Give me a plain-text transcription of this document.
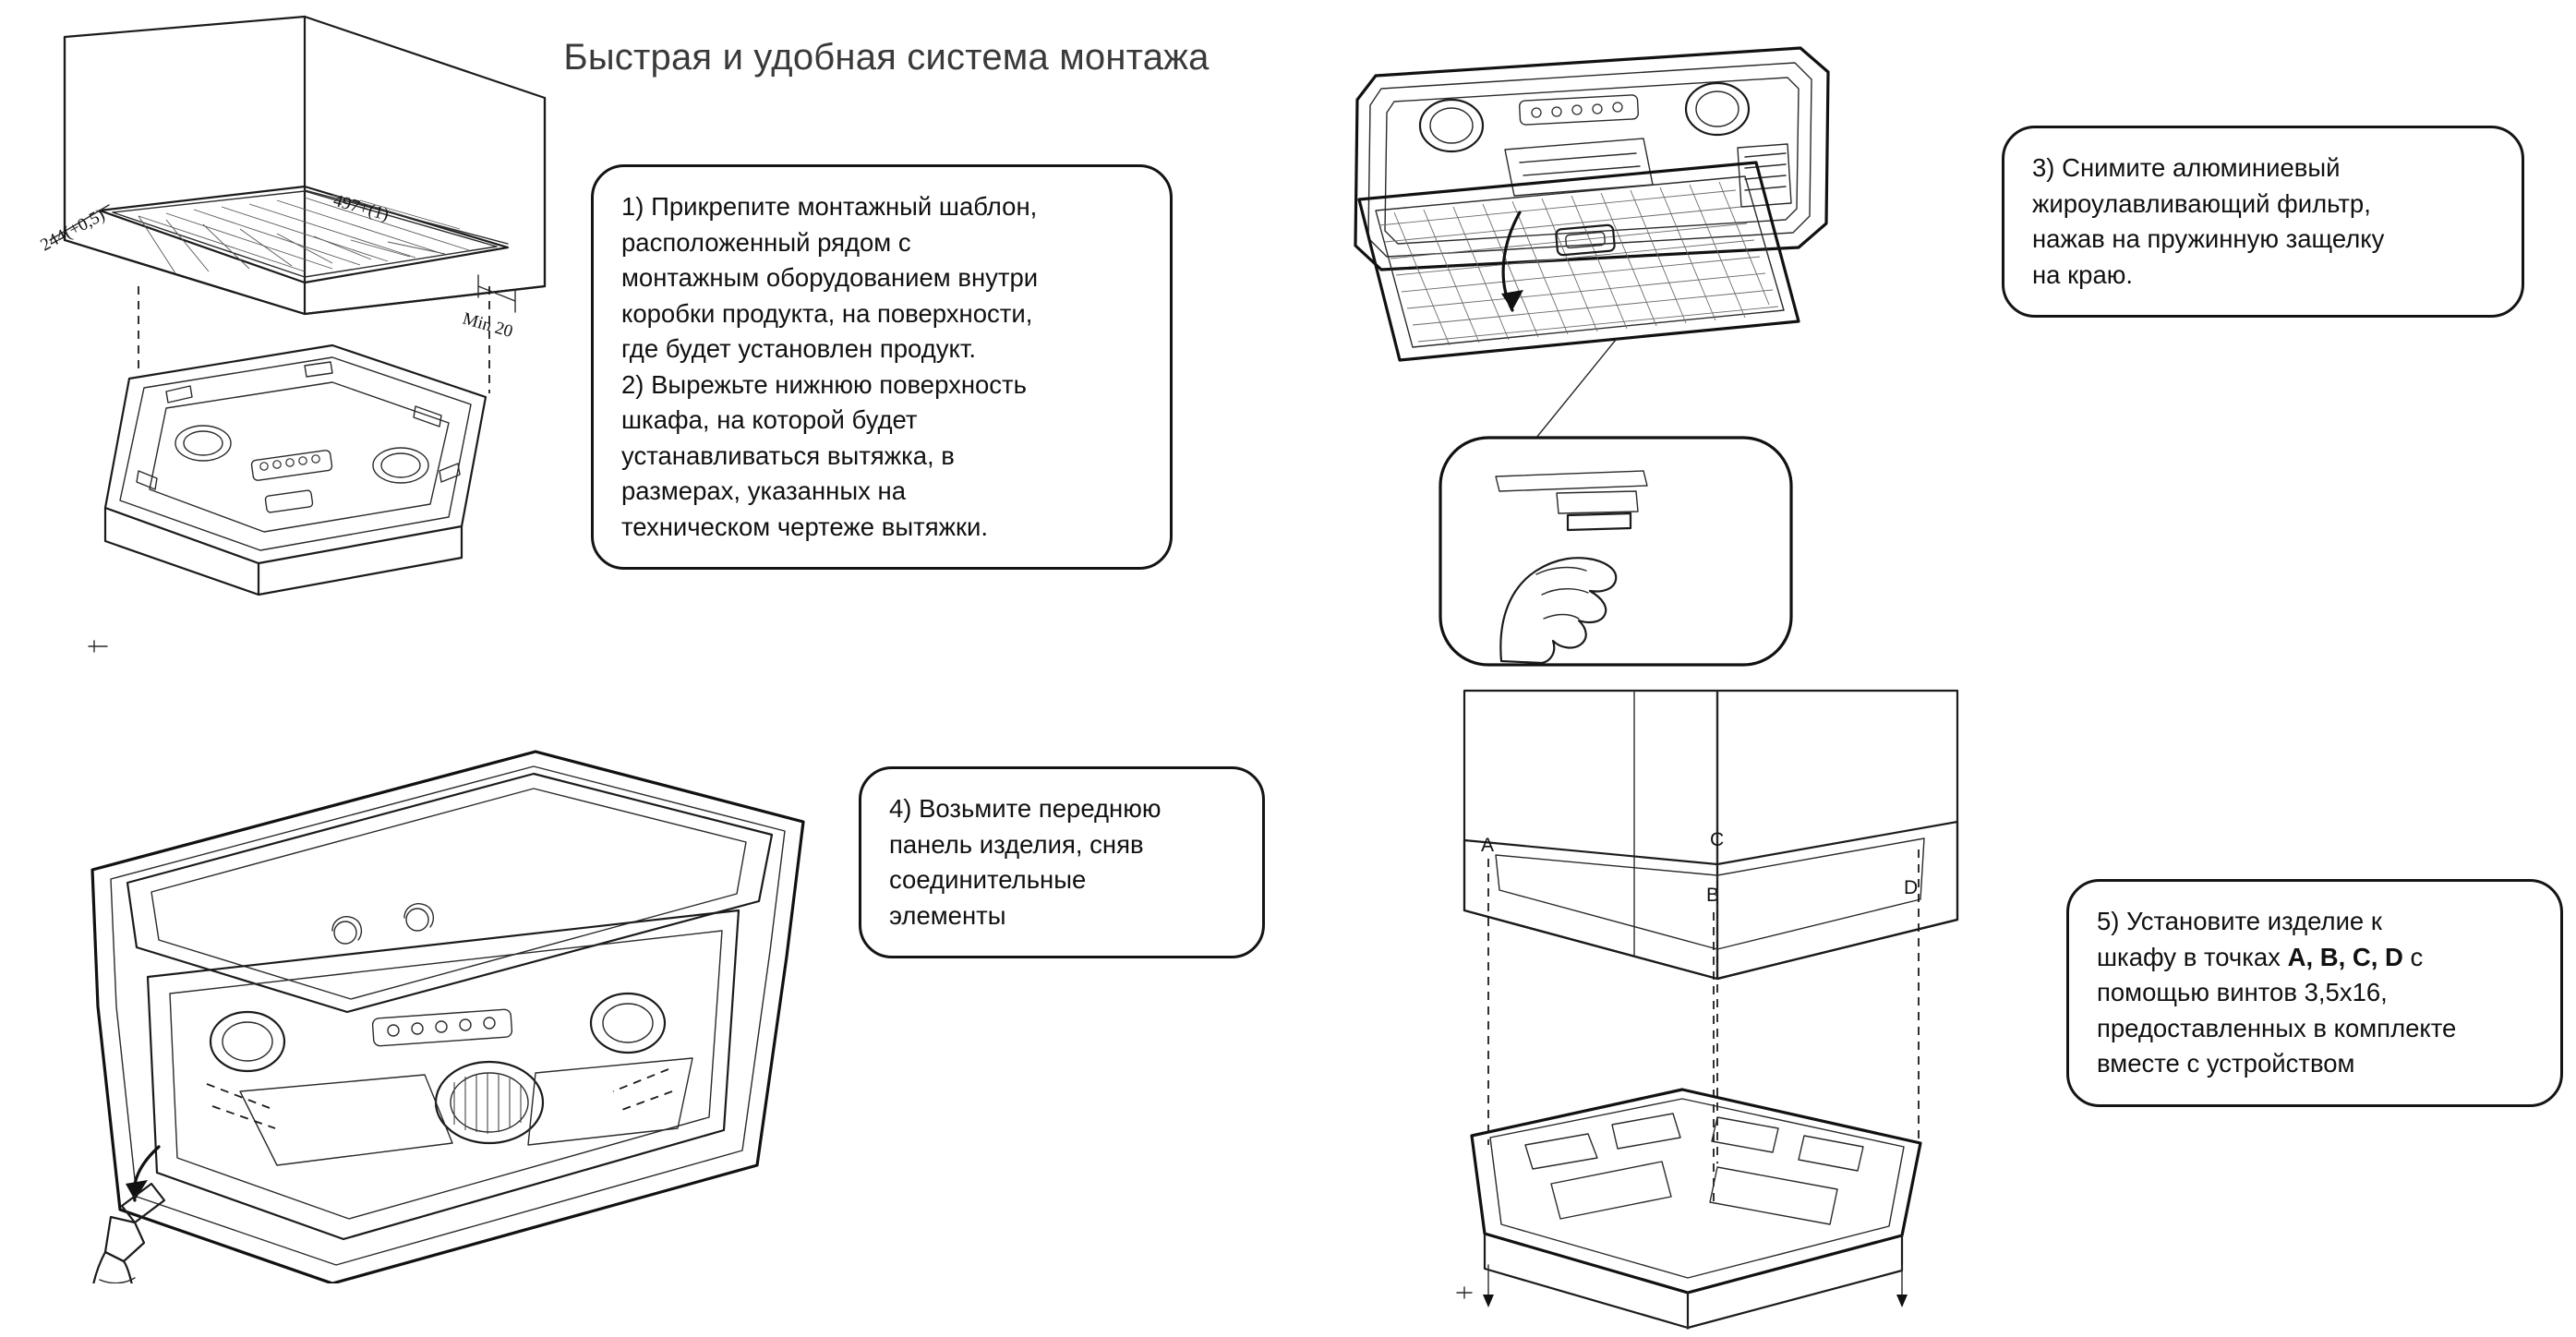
Быстрая и удобная система монтажа
244(+0,5)	497+(1)
Min 20

1) Прикрепите монтажный шаблон,

расположенный рядом с

монтажным оборудованием внутри

коробки продукта, на поверхности,

где будет установлен продукт.

2) Вырежьте нижнюю поверхность

шкафа, на которой будет

устанавливаться вытяжка, в

размерах, указанных на

техническом чертеже вытяжки.

3) Снимите алюминиевый

жироулавливающий фильтр,

нажав на пружинную защелку

на краю.

4) Возьмите переднюю

панель изделия, сняв

соединительные

элементы

A
B
C
D

5) Установите изделие к

шкафу в точках A, B, C, D с

помощью винтов 3,5x16,

предоставленных в комплекте

вместе с устройством
